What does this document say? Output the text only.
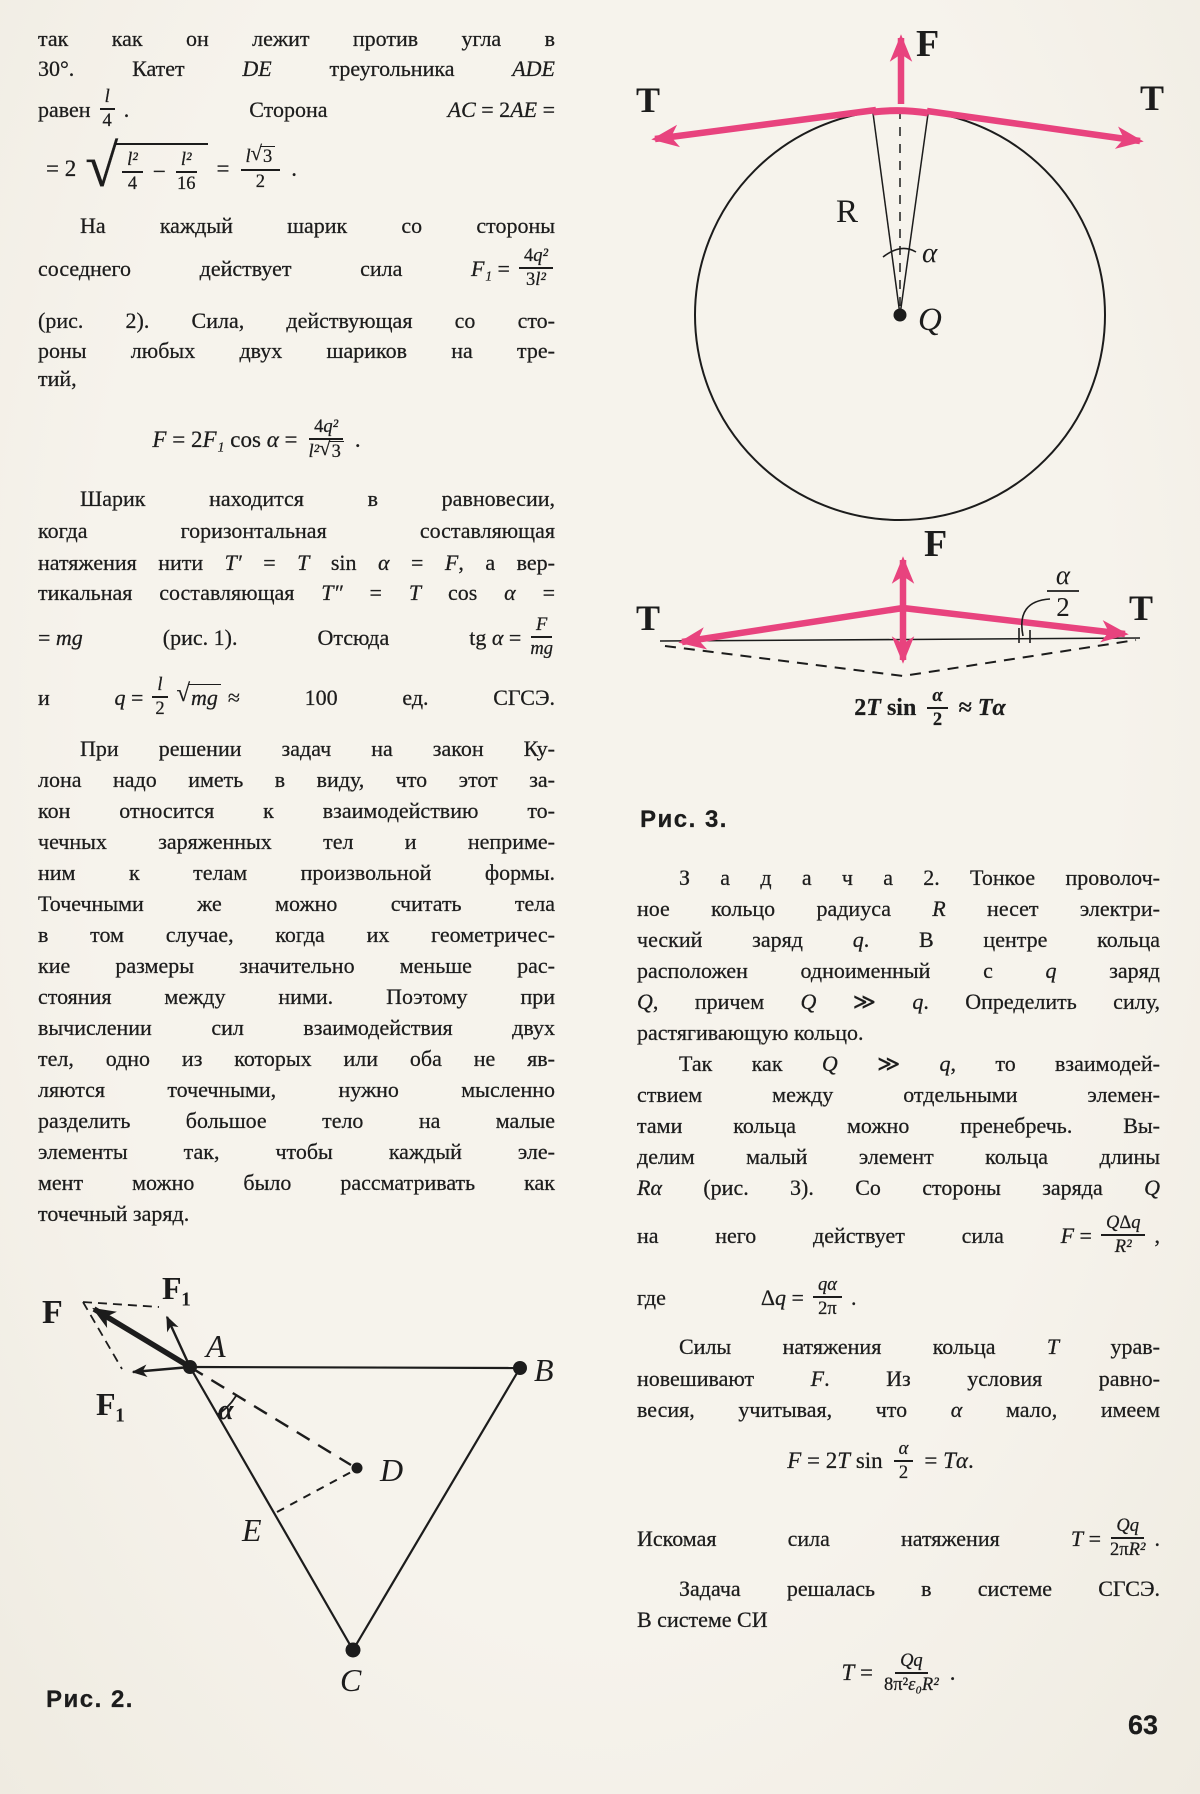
так как он лежит против угла в
30°. Катет DE треугольника ADE
равен $\frac{l}{4}$ .	Сторона	AC = 2AE =
= 2 √ $\frac{\text{l²}}{4} - \frac{\text{l²}}{16} = \frac{l √ 3}{2}$ .
На каждый шарик со стороны
соседнего	действует	сила	$F_1 = \frac{\text{4q²}}{\text{3l²}}$
(рис. 2). Сила, действующая со сто-
роны любых двух шариков на тре-
тий,
F = 2F₁ $\cos \alpha = \frac{\text{4q²}}{\text{l² √ 3}}$ .
Шарик находится в равновесии,
когда горизонтальная составляющая
натяжения нити T′ = T sin α = F, а вер-
тикальная составляющая T″ = T cos α =
= mg	(рис. 1).	Отсюда	tg $\alpha = \frac{F}{mg}$
и	$q = \frac{l}{2}$ √ mg ≈	100	ед.	СГСЭ.
При решении задач на закон Ку-
лона надо иметь в виду, что этот за-
кон относится к взаимодействию то-
чечных заряженных тел и неприме-
ним к телам произвольной формы.
Точечными же можно считать тела
в том случае, когда их геометричес-
кие размеры значительно меньше рас-
стояния между ними. Поэтому при
вычислении сил взаимодействия двух
тел, одно из которых или оба не яв-
ляются точечными, нужно мысленно
разделить большое тело на малые
элементы так, чтобы каждый эле-
мент можно было рассматривать как
точечный заряд.
F
F₁
F₁
A
B
C
D
E
α
Рис. 2.
F
T	T
R
α
Q
F
T	T
α
2
2T $\sin \frac{\alpha}{2} \approx T\alpha$
Рис. 3.
З а д а ч а 2. Тонкое проволоч-
ное кольцо радиуса R несет электри-
ческий заряд q. В центре кольца
расположен одноименный с q заряд
Q, причем Q ≫ q. Определить силу,
растягивающую кольцо.
Так как Q ≫ q, то взаимодей-
ствием между отдельными элемен-
тами кольца можно пренебречь. Вы-
делим малый элемент кольца длины
Rα (рис. 3). Со стороны заряда Q
на	него	действует	сила	$F = \frac{\text{QΔq}}{\text{R²}}$ ,
где	$\Delta q = \frac{q\alpha}{2\pi}$ .
Силы натяжения кольца T урав-
новешивают F. Из условия равно-
весия, учитывая, что α мало, имеем
F = 2T $\sin \frac{\alpha}{2} = T\alpha$.
Искомая	сила	натяжения	$T = \frac{Qq}{\text{2πR²}}$ .
Задача решалась в системе СГСЭ.
В системе СИ
$T = \frac{Qq}{\text{8π²ε₀R²}}$ .
63
